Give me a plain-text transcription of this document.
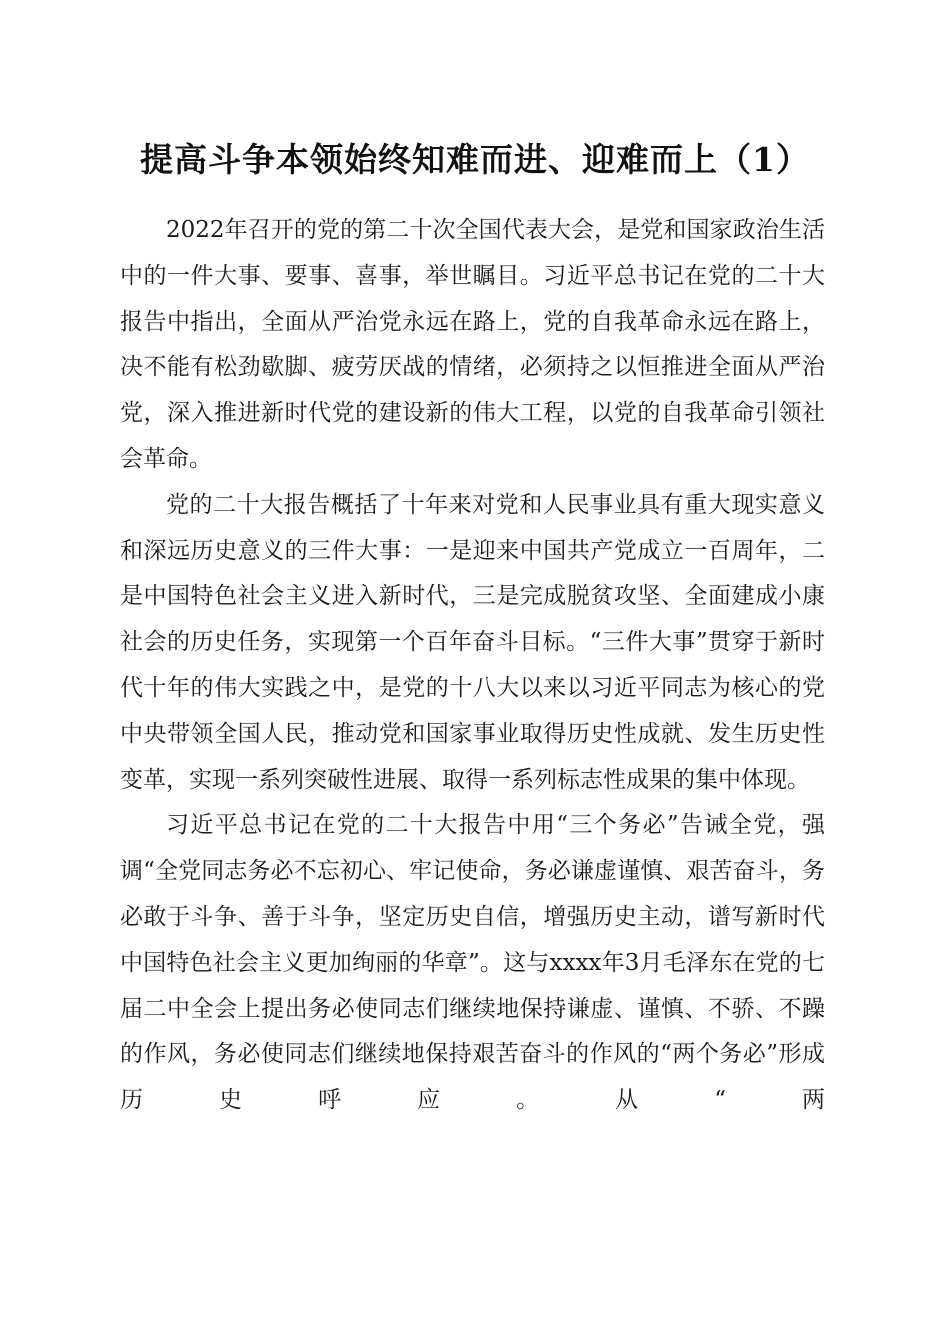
提高斗争本领始终知难而进、迎难而上（1）

2022年召开的党的第二十次全国代表大会，是党和国家政治生活中的一件大事、要事、喜事，举世瞩目。习近平总书记在党的二十大报告中指出，全面从严治党永远在路上，党的自我革命永远在路上，决不能有松劲歇脚、疲劳厌战的情绪，必须持之以恒推进全面从严治党，深入推进新时代党的建设新的伟大工程，以党的自我革命引领社会革命。

党的二十大报告概括了十年来对党和人民事业具有重大现实意义和深远历史意义的三件大事：一是迎来中国共产党成立一百周年，二是中国特色社会主义进入新时代，三是完成脱贫攻坚、全面建成小康社会的历史任务，实现第一个百年奋斗目标。“三件大事”贯穿于新时代十年的伟大实践之中，是党的十八大以来以习近平同志为核心的党中央带领全国人民，推动党和国家事业取得历史性成就、发生历史性变革，实现一系列突破性进展、取得一系列标志性成果的集中体现。

习近平总书记在党的二十大报告中用“三个务必”告诫全党，强调“全党同志务必不忘初心、牢记使命，务必谦虚谨慎、艰苦奋斗，务必敢于斗争、善于斗争，坚定历史自信，增强历史主动，谱写新时代中国特色社会主义更加绚丽的华章”。这与xxxx年3月毛泽东在党的七届二中全会上提出务必使同志们继续地保持谦虚、谨慎、不骄、不躁的作风，务必使同志们继续地保持艰苦奋斗的作风的“两个务必”形成历史呼应。从“两
